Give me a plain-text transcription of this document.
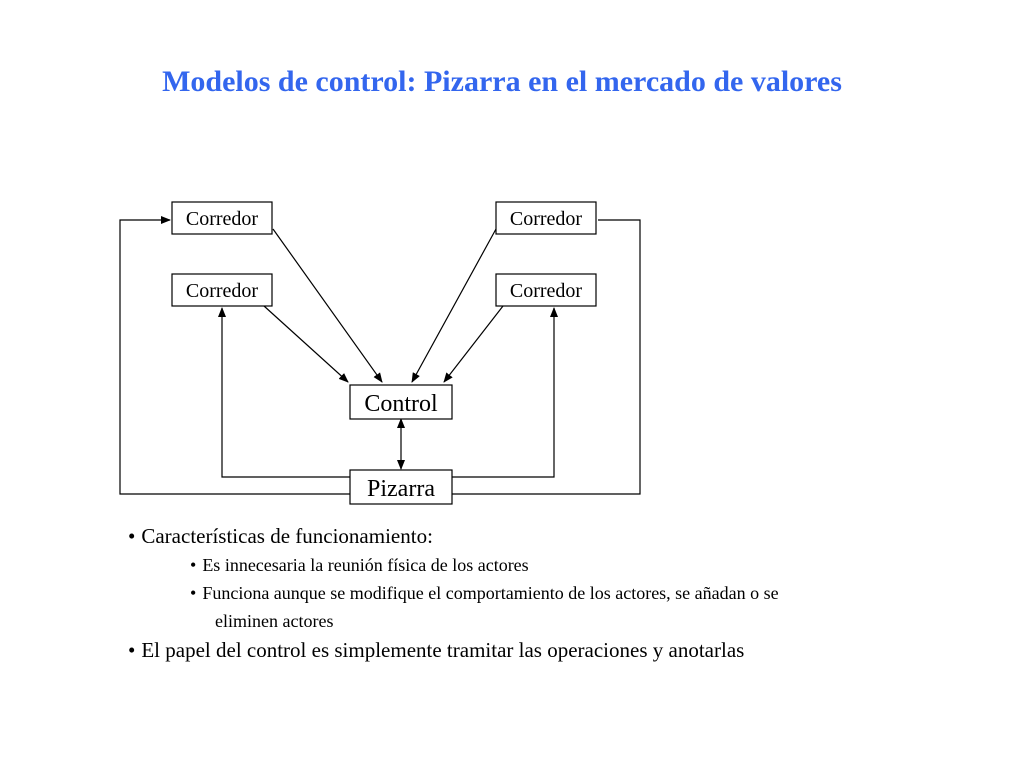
Modelos de control: Pizarra en el mercado de valores
Corredor	Corredor
Corredor	Corredor
Control
Pizarra
• Características de funcionamiento:
• Es innecesaria la reunión física de los actores
• Funciona aunque se modifique el comportamiento de los actores, se añadan o se
eliminen actores
• El papel del control es simplemente tramitar las operaciones y anotarlas
